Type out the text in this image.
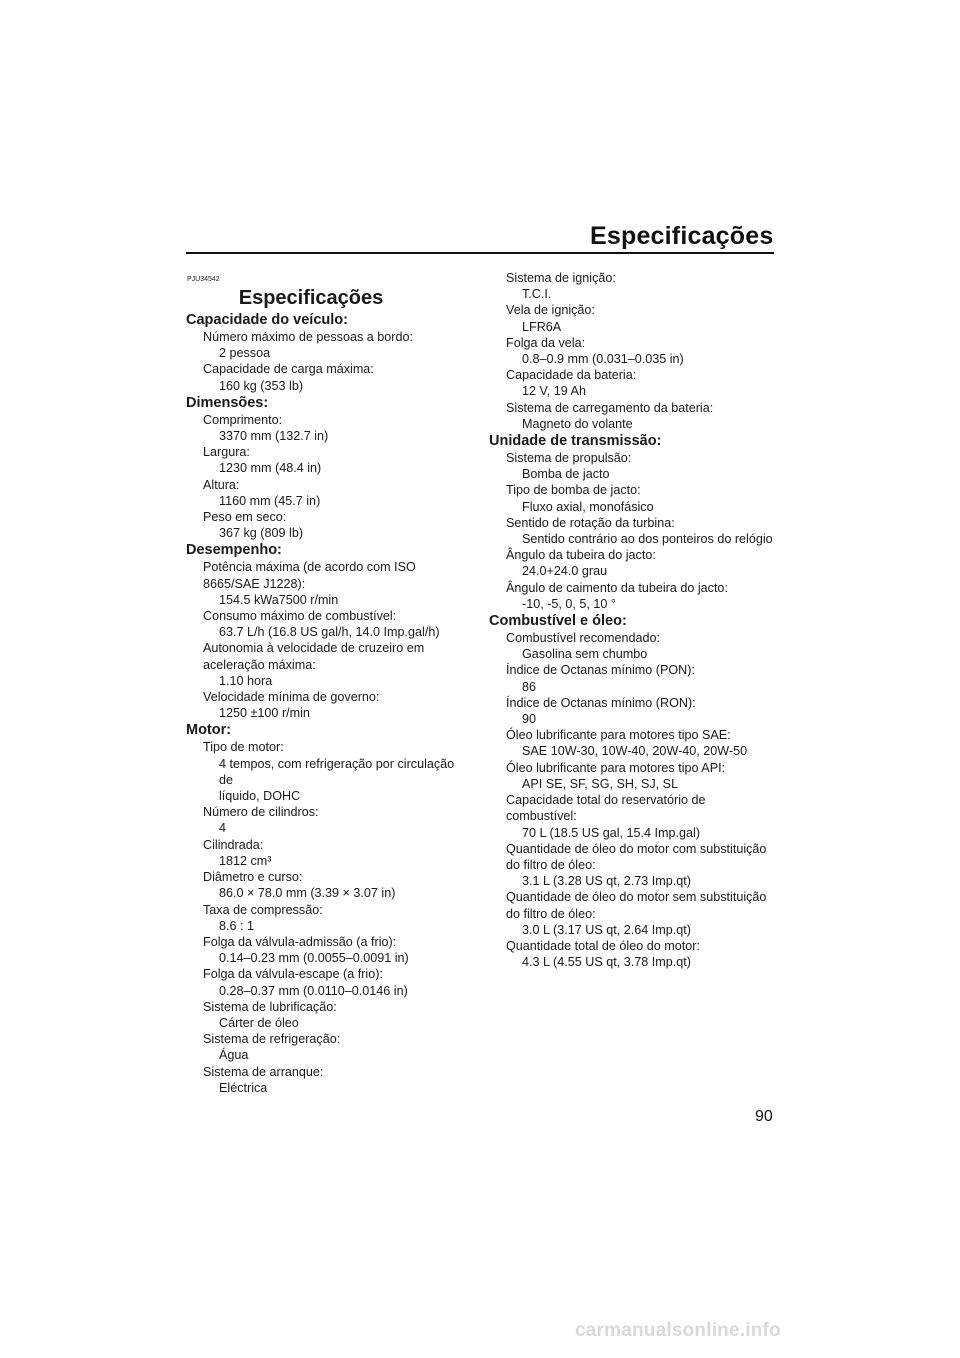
Especificações
PJU34542
Especificações
Capacidade do veículo:
Número máximo de pessoas a bordo:
2 pessoa
Capacidade de carga máxima:
160 kg (353 lb)
Dimensões:
Comprimento:
3370 mm (132.7 in)
Largura:
1230 mm (48.4 in)
Altura:
1160 mm (45.7 in)
Peso em seco:
367 kg (809 lb)
Desempenho:
Potência máxima (de acordo com ISO
8665/SAE J1228):
154.5 kWa7500 r/min
Consumo máximo de combustível:
63.7 L/h (16.8 US gal/h, 14.0 Imp.gal/h)
Autonomia à velocidade de cruzeiro em
aceleração máxima:
1.10 hora
Velocidade mínima de governo:
1250 ±100 r/min
Motor:
Tipo de motor:
4 tempos, com refrigeração por circulação de
líquido, DOHC
Número de cilindros:
4
Cilindrada:
1812 cm³
Diâmetro e curso:
86.0 × 78.0 mm (3.39 × 3.07 in)
Taxa de compressão:
8.6 : 1
Folga da válvula-admissão (a frio):
0.14–0.23 mm (0.0055–0.0091 in)
Folga da válvula-escape (a frio):
0.28–0.37 mm (0.0110–0.0146 in)
Sistema de lubrificação:
Cárter de óleo
Sistema de refrigeração:
Água
Sistema de arranque:
Eléctrica
Sistema de ignição:
T.C.I.
Vela de ignição:
LFR6A
Folga da vela:
0.8–0.9 mm (0.031–0.035 in)
Capacidade da bateria:
12 V, 19 Ah
Sistema de carregamento da bateria:
Magneto do volante
Unidade de transmissão:
Sistema de propulsão:
Bomba de jacto
Tipo de bomba de jacto:
Fluxo axial, monofásico
Sentido de rotação da turbina:
Sentido contrário ao dos ponteiros do relógio
Ângulo da tubeira do jacto:
24.0+24.0 grau
Ângulo de caimento da tubeira do jacto:
-10, -5, 0, 5, 10 °
Combustível e óleo:
Combustível recomendado:
Gasolina sem chumbo
Índice de Octanas mínimo (PON):
86
Índice de Octanas mínimo (RON):
90
Óleo lubrificante para motores tipo SAE:
SAE 10W-30, 10W-40, 20W-40, 20W-50
Óleo lubrificante para motores tipo API:
API SE, SF, SG, SH, SJ, SL
Capacidade total do reservatório de
combustível:
70 L (18.5 US gal, 15.4 Imp.gal)
Quantidade de óleo do motor com substituição
do filtro de óleo:
3.1 L (3.28 US qt, 2.73 Imp.qt)
Quantidade de óleo do motor sem substituição
do filtro de óleo:
3.0 L (3.17 US qt, 2.64 Imp.qt)
Quantidade total de óleo do motor:
4.3 L (4.55 US qt, 3.78 Imp.qt)
90
carmanualsonline.info
